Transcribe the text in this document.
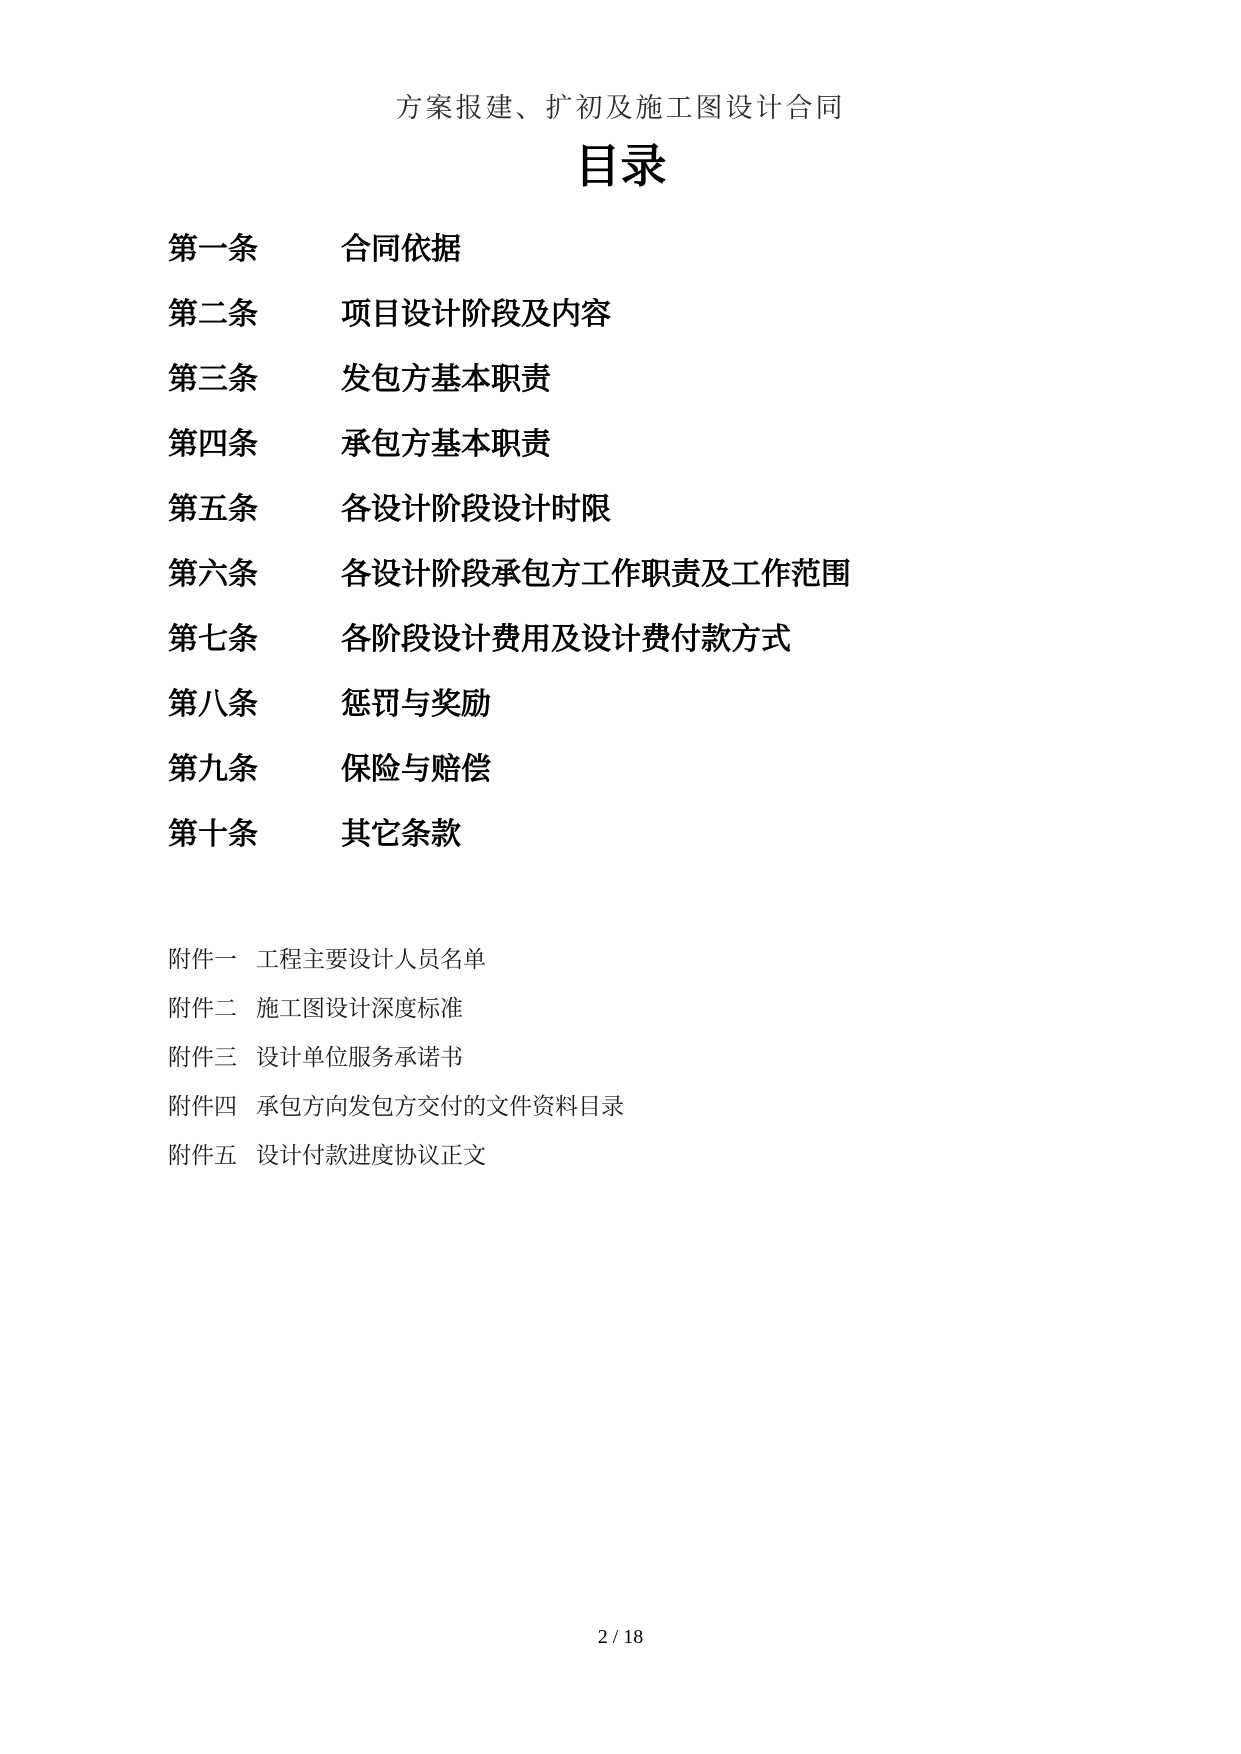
方案报建、扩初及施工图设计合同
目录
第一条	合同依据
第二条	项目设计阶段及内容
第三条	发包方基本职责
第四条	承包方基本职责
第五条	各设计阶段设计时限
第六条	各设计阶段承包方工作职责及工作范围
第七条	各阶段设计费用及设计费付款方式
第八条	惩罚与奖励
第九条	保险与赔偿
第十条	其它条款
附件一 工程主要设计人员名单
附件二 施工图设计深度标准
附件三 设计单位服务承诺书
附件四 承包方向发包方交付的文件资料目录
附件五 设计付款进度协议正文
2 / 18
